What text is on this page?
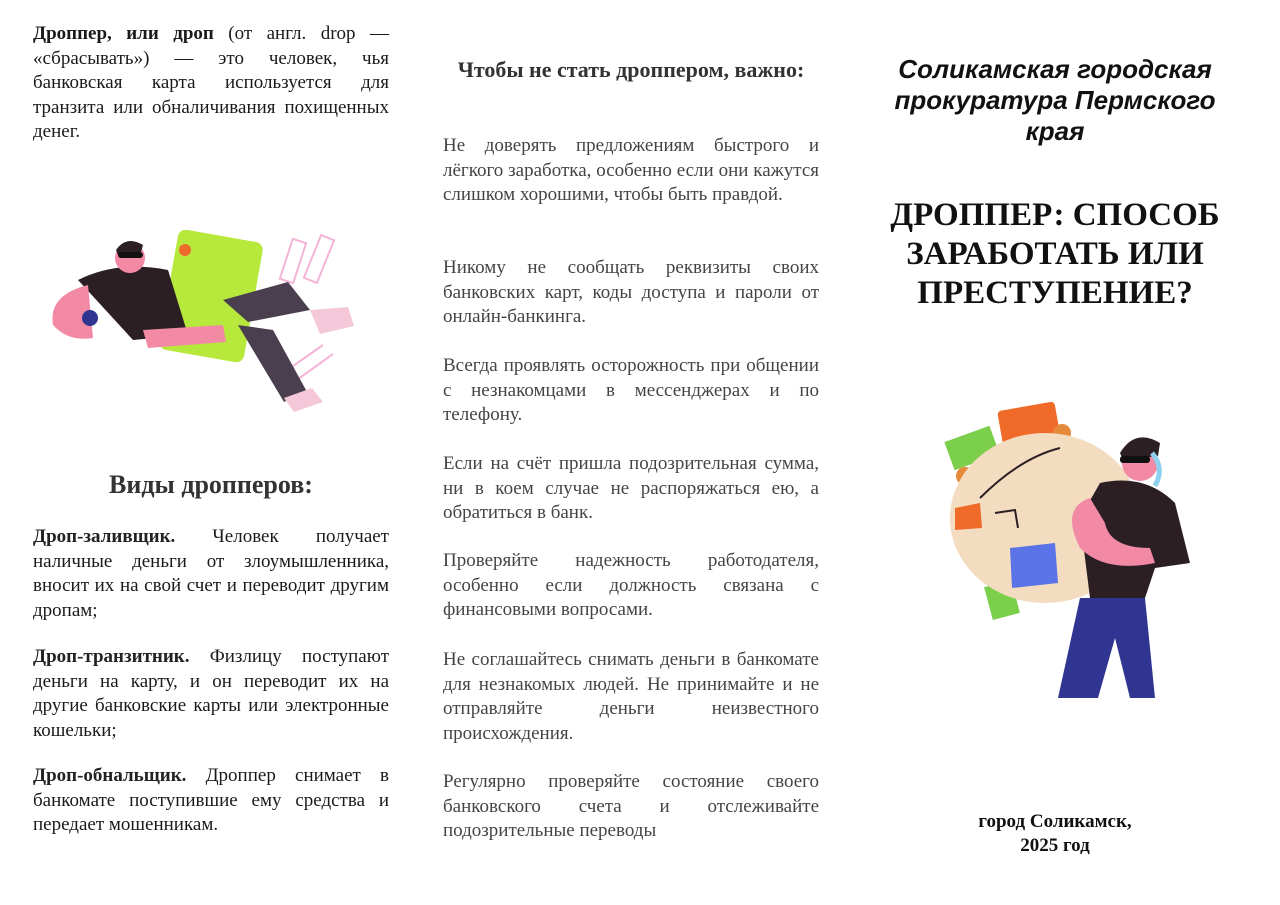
Дроппер, или дроп (от англ. drop — «сбрасывать») — это человек, чья банковская карта используется для транзита или обналичивания похищенных денег.

Виды дропперов:

Дроп-заливщик. Человек получает наличные деньги от злоумышленника, вносит их на свой счет и переводит другим дропам;

Дроп-транзитник. Физлицу поступают деньги на карту, и он переводит их на другие банковские карты или электронные кошельки;

Дроп-обнальщик. Дроппер снимает в банкомате поступившие ему средства и передает мошенникам.

Чтобы не стать дроппером, важно:

Не доверять предложениям быстрого и лёгкого заработка, особенно если они кажутся слишком хорошими, чтобы быть правдой.

Никому не сообщать реквизиты своих банковских карт, коды доступа и пароли от онлайн-банкинга.

Всегда проявлять осторожность при общении с незнакомцами в мессенджерах и по телефону.

Если на счёт пришла подозрительная сумма, ни в коем случае не распоряжаться ею, а обратиться в банк.

Проверяйте надежность работодателя, особенно если должность связана с финансовыми вопросами.

Не соглашайтесь снимать деньги в банкомате для незнакомых людей. Не принимайте и не отправляйте деньги неизвестного происхождения.

Регулярно проверяйте состояние своего банковского счета и отслеживайте подозрительные переводы

Соликамская городская прокуратура Пермского края

ДРОППЕР: СПОСОБ ЗАРАБОТАТЬ ИЛИ ПРЕСТУПЕНИЕ?

город Соликамск,
2025 год
